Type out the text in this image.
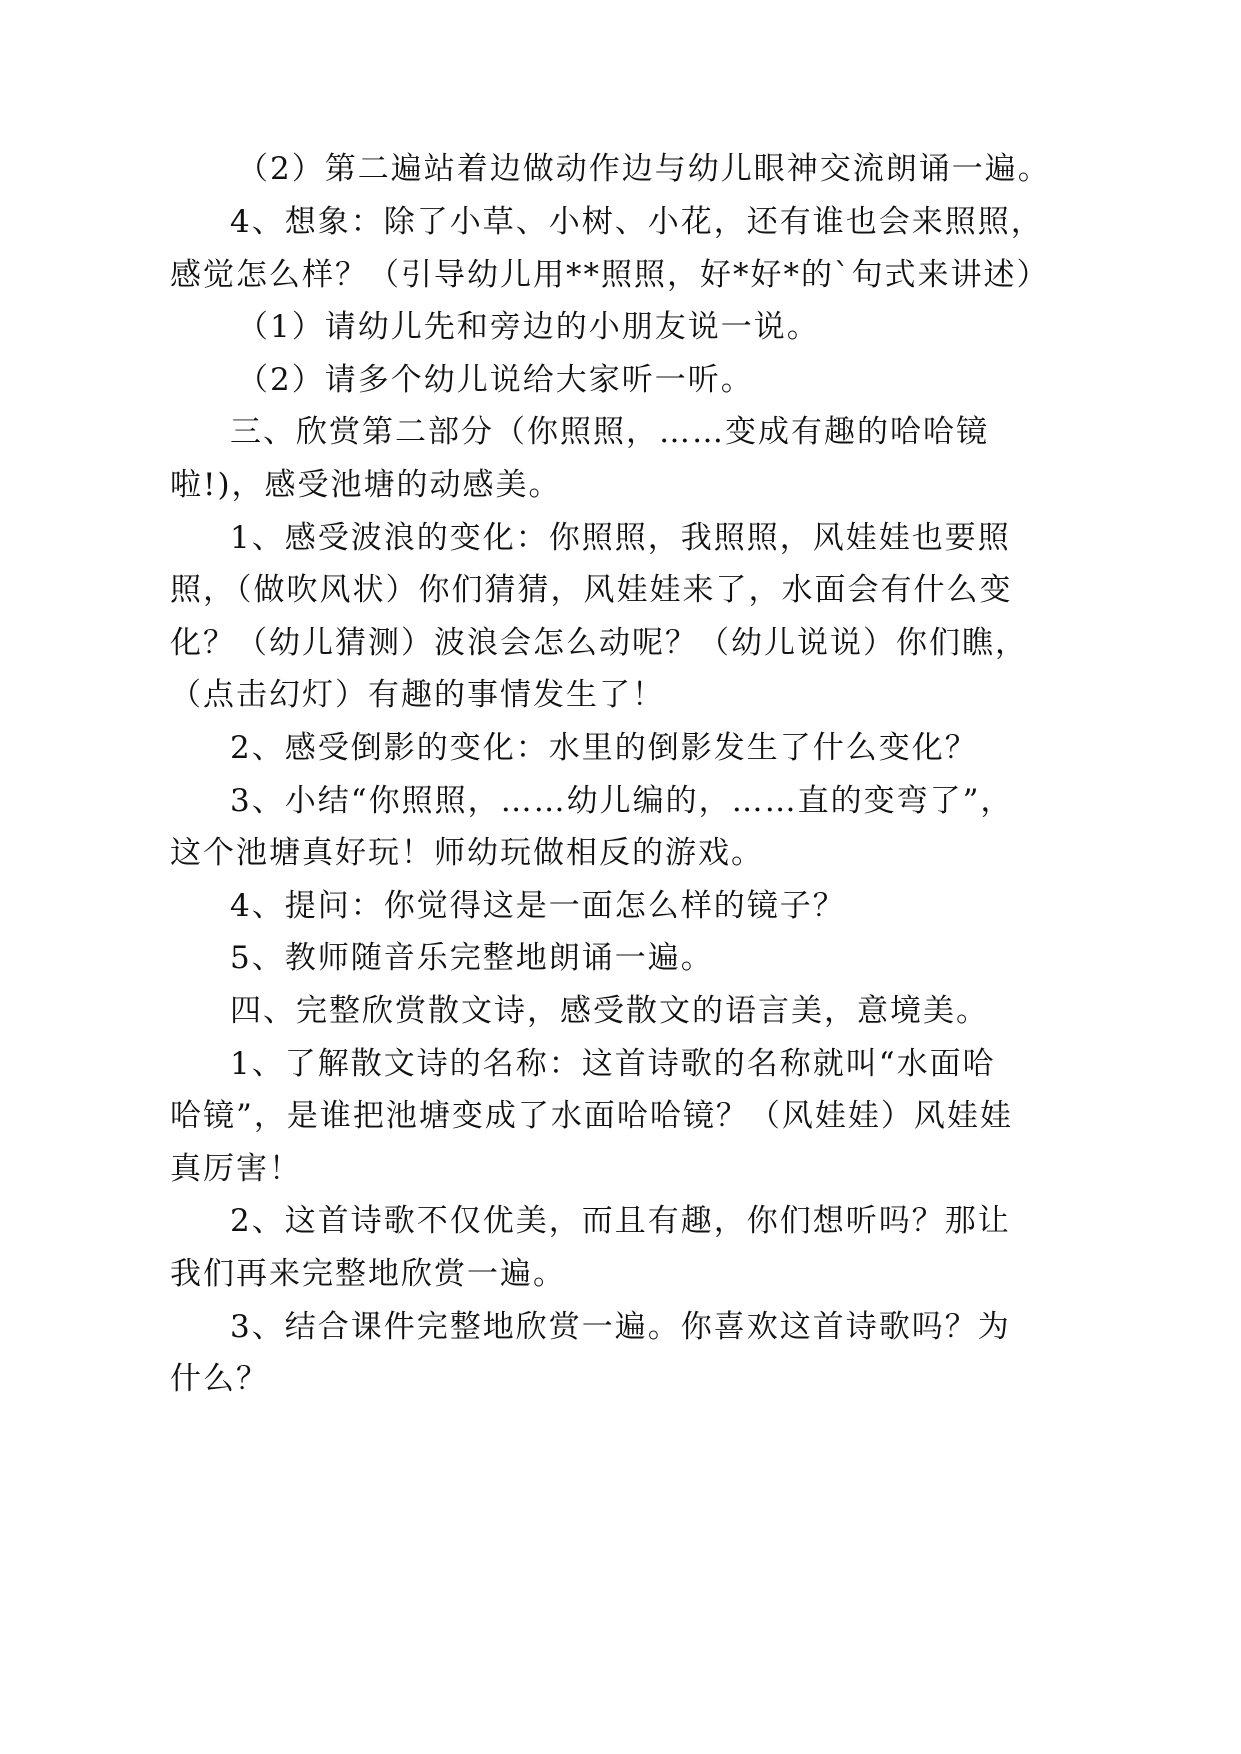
（2）第二遍站着边做动作边与幼儿眼神交流朗诵一遍。
4、想象：除了小草、小树、小花，还有谁也会来照照，
感觉怎么样？（引导幼儿用**照照，好*好*的`句式来讲述）
（1）请幼儿先和旁边的小朋友说一说。
（2）请多个幼儿说给大家听一听。
三、欣赏第二部分（你照照，……变成有趣的哈哈镜
啦!)，感受池塘的动感美。
1、感受波浪的变化：你照照，我照照，风娃娃也要照
照，（做吹风状）你们猜猜，风娃娃来了，水面会有什么变
化？（幼儿猜测）波浪会怎么动呢？（幼儿说说）你们瞧，
（点击幻灯）有趣的事情发生了！
2、感受倒影的变化：水里的倒影发生了什么变化？
3、小结“你照照，……幼儿编的，……直的变弯了”，
这个池塘真好玩！师幼玩做相反的游戏。
4、提问：你觉得这是一面怎么样的镜子？
5、教师随音乐完整地朗诵一遍。
四、完整欣赏散文诗，感受散文的语言美，意境美。
1、了解散文诗的名称：这首诗歌的名称就叫“水面哈
哈镜”，是谁把池塘变成了水面哈哈镜？（风娃娃）风娃娃
真厉害！
2、这首诗歌不仅优美，而且有趣，你们想听吗？那让
我们再来完整地欣赏一遍。
3、结合课件完整地欣赏一遍。你喜欢这首诗歌吗？为
什么？
